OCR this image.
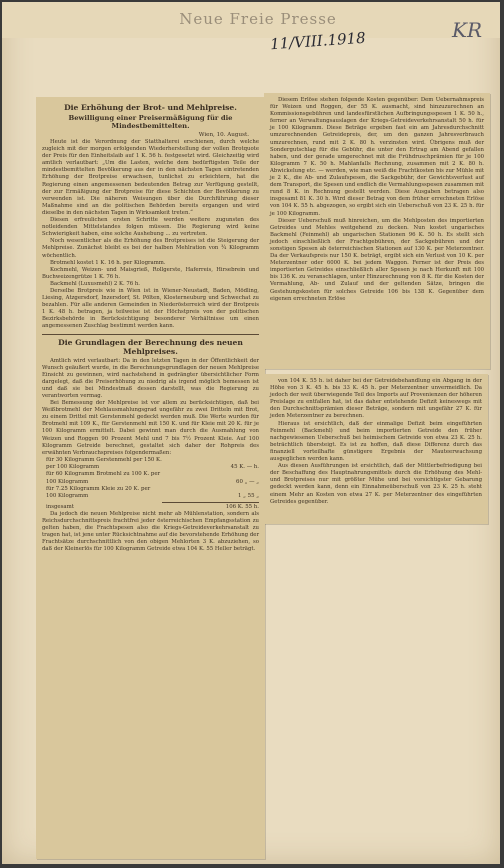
Neue Freie Presse
11/VIII.1918	KR
Die Erhöhung der Brot- und Mehlpreise.
Bewilligung einer Preisermäßigung für die Mindestbemittelten.
Wien, 10. August.

Heute ist die Verordnung der Statthalterei erschienen, durch welche zugleich mit der morgen erfolgenden Wiederherstellung der vollen Brotquote der Preis für den Einheitslaib auf 1 K. 56 h. festgesetzt wird. Gleichzeitig wird amtlich verlautbart: „Um die Lasten, welche dem bedürftigsten Teile der mindestbemittelten Bevölkerung aus der in den nächsten Tagen eintretenden Erhöhung der Brotpreise erwachsen, tunlichst zu erleichtern, hat die Regierung einen angemessenen bedeutenden Betrag zur Verfügung gestellt, der zur Ermäßigung der Brotpreise für diese Schichten der Bevölkerung zu verwenden ist. Die näheren Weisungen über die Durchführung dieser Maßnahme sind an die politischen Behörden bereits ergangen und wird dieselbe in den nächsten Tagen in Wirksamkeit treten.“

Diesen erfreulichen ersten Schritte werden weitere zugunsten des notleidenden Mittelstandes folgen müssen. Die Regierung wird keine Schwierigkeit haben, eine solche Aushebung ... zu vertreten.

Noch wesentlicher als die Erhöhung des Brotpreises ist die Steigerung der Mehlpreise. Zunächst bleibt es bei der halben Mehlration von ¾ Kilogramm wöchentlich.

Brotmehl kostet 1 K. 16 h. per Kilogramm.

Kochmehl, Weizen- und Maisgrieß, Rollgerste, Haferreis, Hirsebrein und Buchweizengrütze 1 K. 76 h.

Backmehl (Luxusmehl) 2 K. 76 h.

Derselbe Brotpreis wie in Wien ist in Wiener-Neustadt, Baden, Mödling, Liesing, Atzgersdorf, Inzersdorf, St. Pölten, Klosterneuburg und Schwechat zu bezahlen. Für alle anderen Gemeinden in Niederösterreich wird der Brotpreis 1 K. 48 h. betragen, ja teilweise ist der Höchstpreis von der politischen Bezirksbehörde in Berücksichtigung besonderer Verhältnisse um einen angemessenen Zuschlag bestimmt werden kann.

Die Grundlagen der Berechnung des neuen Mehlpreises.

Amtlich wird verlautbart: Da in den letzten Tagen in der Öffentlichkeit der Wunsch geäußert wurde, in die Berechnungsgrundlagen der neuen Mehlpreise Einsicht zu gewinnen, wird nachstehend in gedrängter übersichtlicher Form dargelegt, daß die Preiserhöhung zu niedrig als irgend möglich bemessen ist und daß sie bei Mindestmaß dessen darstellt, was die Regierung zu verantworten vermag.

Bei Bemessung der Mehlpreise ist vor allem zu berücksichtigen, daß bei Weißbrotmehl der Mehlausmahlungsgrad ungefähr zu zwei Dritteln mit Brot, zu einem Drittel mit Gerstenmehl gedeckt werden muß. Die Werte wurden für Brotmehl mit 109 K., für Gerstenmehl mit 150 K. und für Kleie mit 20 K. für je 100 Kilogramm ermittelt. Dabei gewinnt man durch die Ausmahlung von Weizen und Roggen 90 Prozent Mehl und 7 bis 7½ Prozent Kleie. Auf 100 Kilogramm Getreide berechnet, gestaltet sich daher der Rohpreis des erwähnten Verbrauchspreises folgendermaßen:

für 30 Kilogramm Gerstenmehl per 150 K.
per 100 Kilogramm	45 K. — h.
für 60 Kilogramm Brotmehl zu 100 K. per
100 Kilogramm	60 „ — „
für 7.25 Kilogramm Kleie zu 20 K. per
100 Kilogramm	1 „ 55 „
insgesamt	106 K. 55 h.

Da jedoch die neuen Mehlpreise nicht mehr ab Mühlenstation, sondern als Reichsdurchschnittspreis frachtfrei jeder österreichischen Empfangsstation zu gelten haben, die Frachtspesen also die Kriegs-Getreideverkehrsanstalt zu tragen hat, ist jene unter Rücksichtnahme auf die bevorstehende Erhöhung der Frachtsätze durchschnittlich von den obigen Mehlorten 3 K. abzuziehen, so daß der Kleinerlös für 100 Kilogramm Getreide etwa 104 K. 55 Heller beträgt.

Diesem Erlöse stehen folgende Kosten gegenüber: Dem Uebernahmspreis für Weizen und Roggen, der 55 K. ausmacht, sind hinzuzurechnen an Kommissionsgebühren und landesfürstlichen Aufbringungsspesen 1 K. 50 h., ferner an Verwaltungsauslagen der Kriegs-Getreideverkehrsanstalt 50 h. für je 100 Kilogramm. Diese Beträge ergeben fast ein am Jahresdurchschnitt umzurechnenden Getreidepreis, der, um den ganzen Jahresverbrauch umzurechnen, rund mit 2 K. 80 h. verzinsten wird. Übrigens muß der Sondergutschlag für die Gebühr, die unter den Ertrag am Abend gefallen haben, und der gerade umgerechnet mit die Frühdruschprämien für je 100 Kilogramm 7 K. 50 h. Mahlanfalls Rechnung, zusammen mit 2 K. 80 h. Abwickelung etc. — werden, wie man weiß die Frachtkosten bis zur Mühle mit je 2 K., die Ab- und Zulaufspesen, die Sackgebühr, der Gewichtsverlust auf dem Transport, die Spesen und endlich die Vermahlungsspesen zusammen mit rund 8 K. in Rechnung gestellt werden. Diese Ausgaben betragen also insgesamt 81 K. 30 h. Wird dieser Betrag von dem früher errechneten Erlöse von 104 K. 55 h. abgezogen, so ergibt sich ein Ueberschuß von 23 K. 25 h. für je 100 Kilogramm.

Dieser Ueberschuß muß hinreichen, um die Mehlposten des importierten Getreides und Mehles weitgehend zu decken. Nun kostet ungarisches Backmehl (Feinmehl) ab ungarischen Stationen 96 K. 50 h. Es stellt sich jedoch einschließlich der Frachtgebühren, der Sackgebühren und der sonstigen Spesen ab österreichischen Stationen auf 130 K. per Meterzentner. Da der Verkaufspreis nur 150 K. beträgt, ergibt sich ein Verlust von 10 K. per Meterzentner oder 6000 K. bei jedem Waggon. Ferner ist der Preis des importierten Getreides einschließlich aller Spesen je nach Herkunft mit 100 bis 136 K. zu veranschlagen, unter Hinzurechnung von 8 K. für die Kosten der Vermahlung, Ab- und Zulauf und der geltenden Sätze, bringen die Gestehungskosten für solches Getreide 106 bis 138 K. Gegenüber dem eigenen errechneten Erlöse

von 104 K. 55 h. ist daher bei der Getreidebehandlung ein Abgang in der Höhe von 3 K. 45 h. bis 33 K. 45 h. per Meterzentner unvermeidlich. Da jedoch der weit überwiegende Teil des Imports auf Provenienzen der höheren Preislage zu entfallen hat, ist das daher entstehende Defizit keineswegs mit den Durchschnittsprämien dieser Beträge, sondern mit ungefähr 27 K. für jeden Meterzentner zu berechnen.

Hieraus ist ersichtlich, daß der einmalige Defizit beim eingeführten Feinmehl (Backmehl) und beim importierten Getreide den früher nachgewiesenen Ueberschuß bei heimischem Getreide von etwa 23 K. 25 h. beträchtlich übersteigt. Es ist zu hoffen, daß diese Differenz durch das finanziell vorteilhafte günstigere Ergebnis der Mauteerwachsung ausgeglichen werden kann.

Aus diesen Ausführungen ist ersichtlich, daß der Mittlerbefriedigung bei der Beschaffung des Hauptnahrungsmittels durch die Erhöhung des Mehl- und Brotpreises nur mit größter Mühe und bei vorsichtigster Gebarung gedeckt werden kann, denn ein Einnahmeüberschuß von 23 K. 25 h. steht einem Mehr an Kosten von etwa 27 K. per Meterzentner des eingeführten Getreides gegenüber.
